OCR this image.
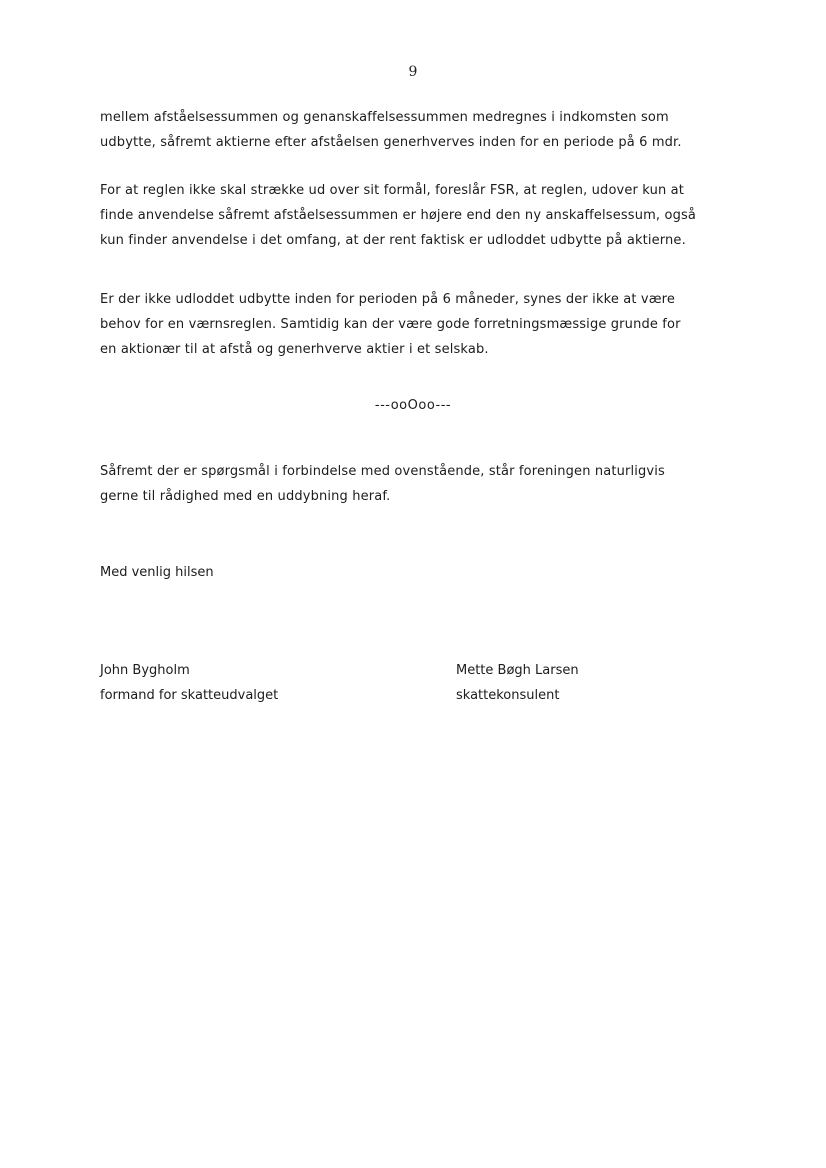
9
mellem afståelsessummen og genanskaffelsessummen medregnes i indkomsten som
udbytte, såfremt aktierne efter afståelsen generhverves inden for en periode på 6 mdr.
For at reglen ikke skal strække ud over sit formål, foreslår FSR, at reglen, udover kun at
finde anvendelse såfremt afståelsessummen er højere end den ny anskaffelsessum, også
kun finder anvendelse i det omfang, at der rent faktisk er udloddet udbytte på aktierne.
Er der ikke udloddet udbytte inden for perioden på 6 måneder, synes der ikke at være
behov for en værnsreglen. Samtidig kan der være gode forretningsmæssige grunde for
en aktionær til at afstå og generhverve aktier i et selskab.
---ooOoo---
Såfremt der er spørgsmål i forbindelse med ovenstående, står foreningen naturligvis
gerne til rådighed med en uddybning heraf.
Med venlig hilsen
John Bygholm
formand for skatteudvalget
Mette Bøgh Larsen
skattekonsulent
